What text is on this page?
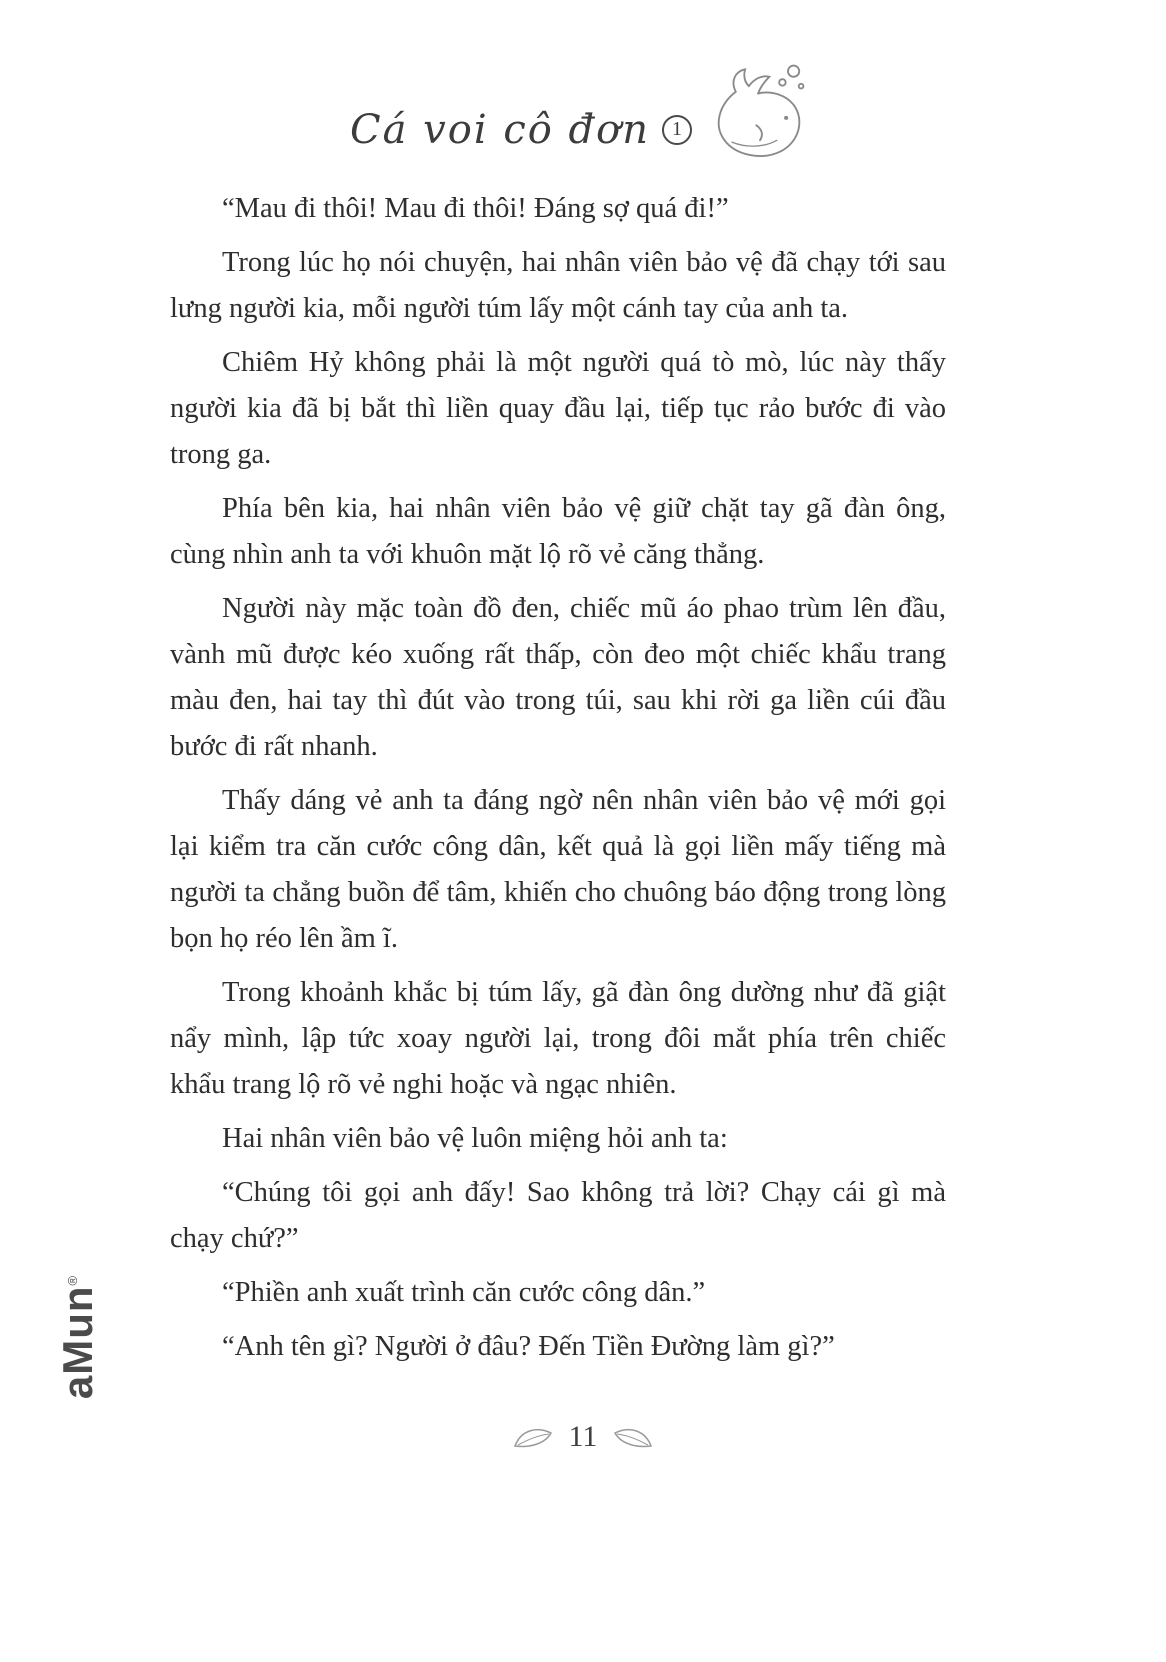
Cá voi cô đơn	1

“Mau đi thôi! Mau đi thôi! Đáng sợ quá đi!”

Trong lúc họ nói chuyện, hai nhân viên bảo vệ đã chạy tới sau lưng người kia, mỗi người túm lấy một cánh tay của anh ta.

Chiêm Hỷ không phải là một người quá tò mò, lúc này thấy người kia đã bị bắt thì liền quay đầu lại, tiếp tục rảo bước đi vào trong ga.

Phía bên kia, hai nhân viên bảo vệ giữ chặt tay gã đàn ông, cùng nhìn anh ta với khuôn mặt lộ rõ vẻ căng thẳng.

Người này mặc toàn đồ đen, chiếc mũ áo phao trùm lên đầu, vành mũ được kéo xuống rất thấp, còn đeo một chiếc khẩu trang màu đen, hai tay thì đút vào trong túi, sau khi rời ga liền cúi đầu bước đi rất nhanh.

Thấy dáng vẻ anh ta đáng ngờ nên nhân viên bảo vệ mới gọi lại kiểm tra căn cước công dân, kết quả là gọi liền mấy tiếng mà người ta chẳng buồn để tâm, khiến cho chuông báo động trong lòng bọn họ réo lên ầm ĩ.

Trong khoảnh khắc bị túm lấy, gã đàn ông dường như đã giật nẩy mình, lập tức xoay người lại, trong đôi mắt phía trên chiếc khẩu trang lộ rõ vẻ nghi hoặc và ngạc nhiên.

Hai nhân viên bảo vệ luôn miệng hỏi anh ta:

“Chúng tôi gọi anh đấy! Sao không trả lời? Chạy cái gì mà chạy chứ?”

“Phiền anh xuất trình căn cước công dân.”

“Anh tên gì? Người ở đâu? Đến Tiền Đường làm gì?”

aMun®
11
